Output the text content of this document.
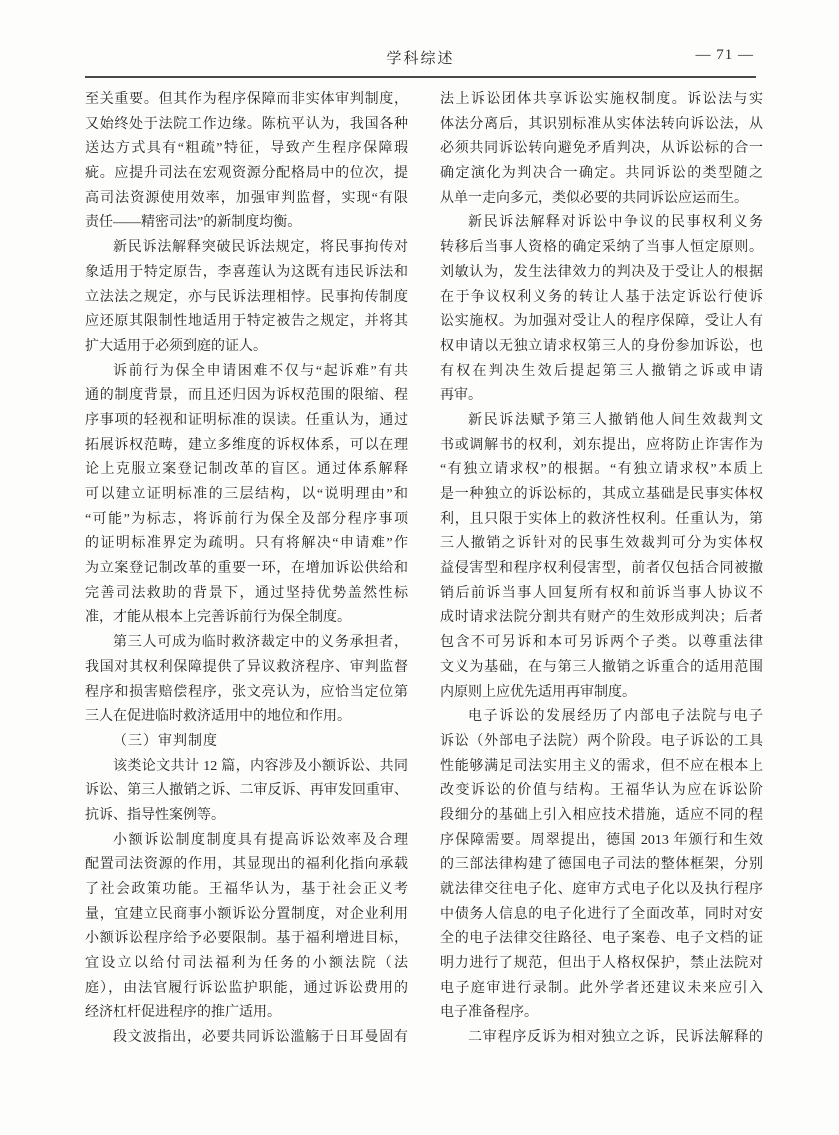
学科综述	— 71 —
至关重要。但其作为程序保障而非实体审判制度，
又始终处于法院工作边缘。陈杭平认为，我国各种
送达方式具有“粗疏”特征，导致产生程序保障瑕
疵。应提升司法在宏观资源分配格局中的位次，提
高司法资源使用效率，加强审判监督，实现“有限
责任——精密司法”的新制度均衡。
新民诉法解释突破民诉法规定，将民事拘传对
象适用于特定原告，李喜莲认为这既有违民诉法和
立法法之规定，亦与民诉法理相悖。民事拘传制度
应还原其限制性地适用于特定被告之规定，并将其
扩大适用于必须到庭的证人。
诉前行为保全申请困难不仅与“起诉难”有共
通的制度背景，而且还归因为诉权范围的限缩、程
序事项的轻视和证明标准的误读。任重认为，通过
拓展诉权范畴，建立多维度的诉权体系，可以在理
论上克服立案登记制改革的盲区。通过体系解释
可以建立证明标准的三层结构，以“说明理由”和
“可能”为标志，将诉前行为保全及部分程序事项
的证明标准界定为疏明。只有将解决“申请难”作
为立案登记制改革的重要一环，在增加诉讼供给和
完善司法救助的背景下，通过坚持优势盖然性标
准，才能从根本上完善诉前行为保全制度。
第三人可成为临时救济裁定中的义务承担者，
我国对其权利保障提供了异议救济程序、审判监督
程序和损害赔偿程序，张文亮认为，应恰当定位第
三人在促进临时救济适用中的地位和作用。
（三）审判制度
该类论文共计 12 篇，内容涉及小额诉讼、共同
诉讼、第三人撤销之诉、二审反诉、再审发回重审、
抗诉、指导性案例等。
小额诉讼制度制度具有提高诉讼效率及合理
配置司法资源的作用，其显现出的福利化指向承载
了社会政策功能。王福华认为，基于社会正义考
量，宜建立民商事小额诉讼分置制度，对企业利用
小额诉讼程序给予必要限制。基于福利增进目标，
宜设立以给付司法福利为任务的小额法院（法
庭），由法官履行诉讼监护职能，通过诉讼费用的
经济杠杆促进程序的推广适用。
段文波指出，必要共同诉讼滥觞于日耳曼固有
法上诉讼团体共享诉讼实施权制度。诉讼法与实
体法分离后，其识别标准从实体法转向诉讼法，从
必须共同诉讼转向避免矛盾判决，从诉讼标的合一
确定演化为判决合一确定。共同诉讼的类型随之
从单一走向多元，类似必要的共同诉讼应运而生。
新民诉法解释对诉讼中争议的民事权利义务
转移后当事人资格的确定采纳了当事人恒定原则。
刘敏认为，发生法律效力的判决及于受让人的根据
在于争议权利义务的转让人基于法定诉讼行使诉
讼实施权。为加强对受让人的程序保障，受让人有
权申请以无独立请求权第三人的身份参加诉讼，也
有权在判决生效后提起第三人撤销之诉或申请
再审。
新民诉法赋予第三人撤销他人间生效裁判文
书或调解书的权利，刘东提出，应将防止诈害作为
“有独立请求权”的根据。“有独立请求权”本质上
是一种独立的诉讼标的，其成立基础是民事实体权
利，且只限于实体上的救济性权利。任重认为，第
三人撤销之诉针对的民事生效裁判可分为实体权
益侵害型和程序权利侵害型，前者仅包括合同被撤
销后前诉当事人回复所有权和前诉当事人协议不
成时请求法院分割共有财产的生效形成判决；后者
包含不可另诉和本可另诉两个子类。以尊重法律
文义为基础，在与第三人撤销之诉重合的适用范围
内原则上应优先适用再审制度。
电子诉讼的发展经历了内部电子法院与电子
诉讼（外部电子法院）两个阶段。电子诉讼的工具
性能够满足司法实用主义的需求，但不应在根本上
改变诉讼的价值与结构。王福华认为应在诉讼阶
段细分的基础上引入相应技术措施，适应不同的程
序保障需要。周翠提出，德国 2013 年颁行和生效
的三部法律构建了德国电子司法的整体框架，分别
就法律交往电子化、庭审方式电子化以及执行程序
中债务人信息的电子化进行了全面改革，同时对安
全的电子法律交往路径、电子案卷、电子文档的证
明力进行了规范，但出于人格权保护，禁止法院对
电子庭审进行录制。此外学者还建议未来应引入
电子准备程序。
二审程序反诉为相对独立之诉，民诉法解释的
